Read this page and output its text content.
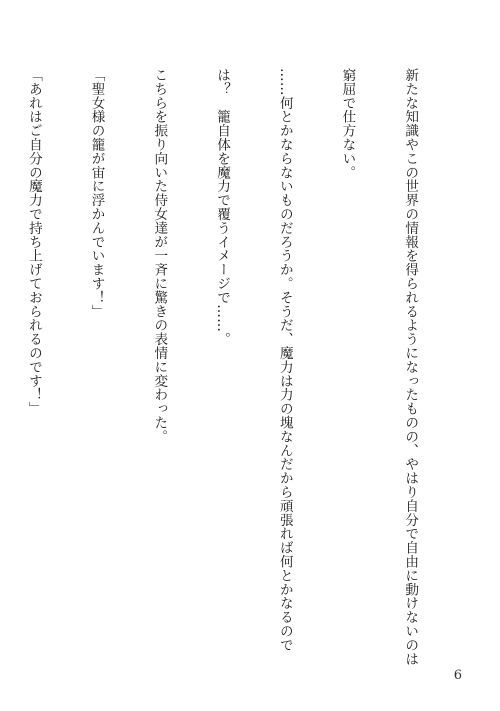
新たな知識やこの世界の情報を得られるようになったものの、やはり自分で自由に動けないのは

窮屈で仕方ない。

……何とかならないものだろうか。そうだ、魔力は力の塊なんだから頑張れば何とかなるので

は？　籠自体を魔力で覆うイメージで……。

こちらを振り向いた侍女達が一斉に驚きの表情に変わった。

「聖女様の籠が宙に浮かんでいます！」

「あれはご自分の魔力で持ち上げておられるのです！」

6
